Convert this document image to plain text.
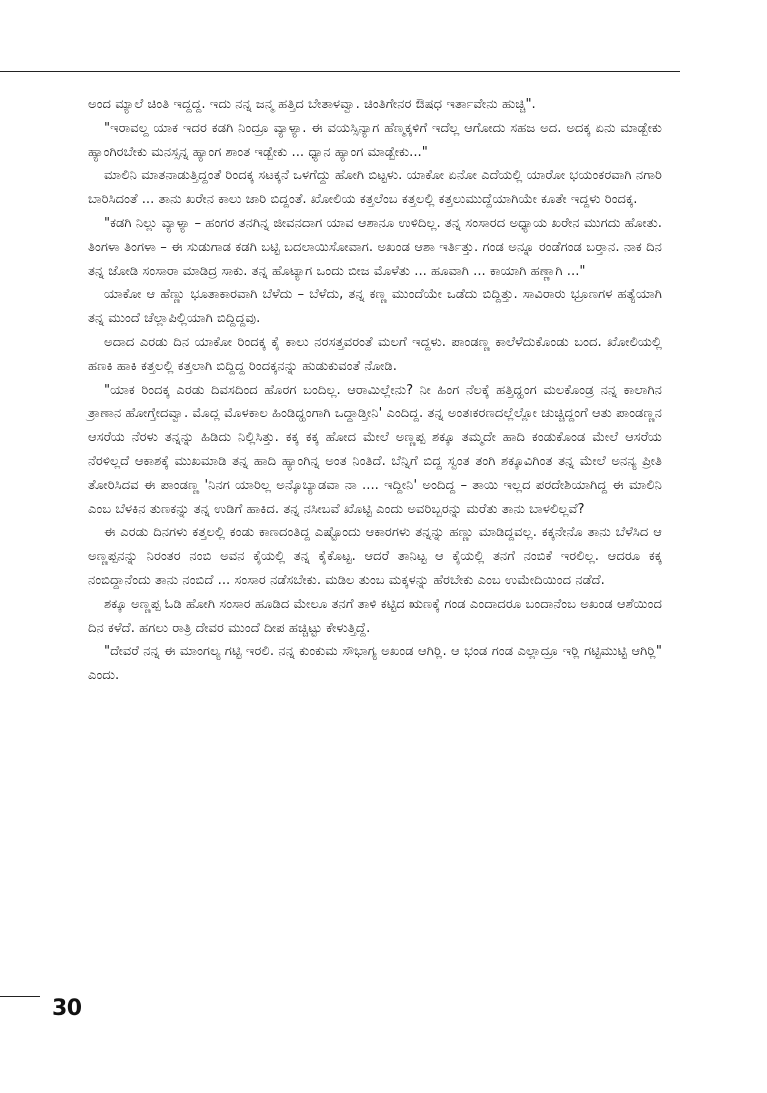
ಅಂದ ಮ್ಯಾಲೆ ಚಿಂತಿ ಇದ್ದದ್ದ. ಇದು ನನ್ನ ಜನ್ಮ ಹತ್ತಿದ ಬೇತಾಳವ್ವಾ. ಚಿಂತಿಗೇನರ ಔಷಧ ಇರ್ತಾವೇನು ಹುಚ್ಚಿ".

"ಇರಾವಲ್ದ ಯಾಕ ಇದರ ಕಡಗಿ ನಿಂದ್ರೂ ವ್ಯಾಳ್ಯಾ. ಈ ವಯಸ್ಸಿನ್ಯಾಗ ಹೆಣ್ಮಕ್ಕಳಿಗೆ ಇದೆಲ್ಲ ಆಗೋದು ಸಹಜ ಅದ. ಅದಕ್ಕ ಏನು ಮಾಡ್ಬೇಕು ಹ್ಯಾಂಗಿರಬೇಕು ಮನಸ್ಸನ್ನ ಹ್ಯಾಂಗ ಶಾಂತ ಇಡ್ಬೇಕು ... ಧ್ಯಾನ ಹ್ಯಾಂಗ ಮಾಡ್ಬೇಕು..."

ಮಾಲಿನಿ ಮಾತನಾಡುತ್ತಿದ್ದಂತೆ ರಿಂದಕ್ಕ ಸಟಕ್ಕನೆ ಒಳಗೆದ್ದು ಹೋಗಿ ಬಿಟ್ಟಳು. ಯಾಕೋ ಏನೋ ಎದೆಯಲ್ಲಿ ಯಾರೋ ಭಯಂಕರವಾಗಿ ನಗಾರಿ ಬಾರಿಸಿದಂತೆ ... ತಾನು ಖರೇನ ಕಾಲು ಜಾರಿ ಬಿದ್ದಂತೆ. ಖೋಲಿಯ ಕತ್ತಲೆಂಬ ಕತ್ತಲಲ್ಲಿ ಕತ್ತಲುಮುದ್ದೆಯಾಗಿಯೇ ಕೂತೇ ಇದ್ದಳು ರಿಂದಕ್ಕ.

"ಕಡಗಿ ನಿಲ್ಲು ವ್ಯಾಳ್ಯಾ – ಹಂಗರ ತನಗಿನ್ನ ಜೀವನದಾಗ ಯಾವ ಆಶಾನೂ ಉಳಿದಿಲ್ಲ. ತನ್ನ ಸಂಸಾರದ ಅಧ್ಯಾಯ ಖರೇನ ಮುಗದು ಹೋತು. ತಿಂಗಳಾ ತಿಂಗಳಾ – ಈ ಸುಡುಗಾಡ ಕಡಗಿ ಬಟ್ಟಿ ಬದಲಾಯಿಸೋವಾಗ. ಅಖಂಡ ಆಶಾ ಇರ್ತಿತ್ತು. ಗಂಡ ಅನ್ನೂ ರಂಡೆಗಂಡ ಬರ್‍ತಾನ. ನಾಕ ದಿನ ತನ್ನ ಜೋಡಿ ಸಂಸಾರಾ ಮಾಡಿದ್ರ ಸಾಕು. ತನ್ನ ಹೊಟ್ಯಾಗ ಒಂದು ಬೀಜ ಮೊಳೆತು ... ಹೂವಾಗಿ ... ಕಾಯಾಗಿ ಹಣ್ಣಾಗಿ ..."

ಯಾಕೋ ಆ ಹೆಣ್ಣು ಭೂತಾಕಾರವಾಗಿ ಬೆಳೆದು – ಬೆಳೆದು, ತನ್ನ ಕಣ್ಣ ಮುಂದೆಯೇ ಒಡೆದು ಬಿದ್ದಿತ್ತು. ಸಾವಿರಾರು ಭ್ರೂಣಗಳ ಹತ್ಯೆಯಾಗಿ ತನ್ನ ಮುಂದೆ ಚೆಲ್ಲಾಪಿಲ್ಲಿಯಾಗಿ ಬಿದ್ದಿದ್ದವು.

ಅದಾದ ಎರಡು ದಿನ ಯಾಕೋ ರಿಂದಕ್ಕ ಕೈ ಕಾಲು ನರಸತ್ತವರಂತೆ ಮಲಗೆ ಇದ್ದಳು. ಪಾಂಡಣ್ಣ ಕಾಲೆಳೆದುಕೊಂಡು ಬಂದ. ಖೋಲಿಯಲ್ಲಿ ಹಣಕಿ ಹಾಕಿ ಕತ್ತಲಲ್ಲಿ ಕತ್ತಲಾಗಿ ಬಿದ್ದಿದ್ದ ರಿಂದಕ್ಕನನ್ನು ಹುಡುಕುವಂತೆ ನೋಡಿ.

"ಯಾಕ ರಿಂದಕ್ಕ ಎರಡು ದಿವಸದಿಂದ ಹೊರಗ ಬಂದಿಲ್ಲ. ಆರಾಮಿಲ್ಲೇನು? ನೀ ಹಿಂಗ ನೆಲಕ್ಕೆ ಹತ್ತಿದ್ಹಂಗ ಮಲಕೊಂಡ್ರ ನನ್ನ ಕಾಲಾಗಿನ ತ್ರಾಣಾನ ಹೋಗ್ತೇದವ್ವಾ. ಮೊದ್ಲ ಮೊಳಕಾಲ ಹಿಂಡಿದ್ಹಂಗಾಗಿ ಒದ್ದಾಡ್ತೀನಿ' ಎಂದಿದ್ದ. ತನ್ನ ಅಂತಃಕರಣದಲ್ಲೆಲ್ಲೋ ಚುಚ್ಚಿದ್ದಂಗೆ ಆತು ಪಾಂಡಣ್ಣನ ಆಸರೆಯ ನೆರಳು ತನ್ನನ್ನು ಹಿಡಿದು ನಿಲ್ಲಿಸಿತ್ತು. ಕಕ್ಕ ಕಕ್ಕ ಹೋದ ಮೇಲೆ ಅಣ್ಣಪ್ಪ ಶಕ್ಕೂ ತಮ್ಮದೇ ಹಾದಿ ಕಂಡುಕೊಂಡ ಮೇಲೆ ಆಸರೆಯ ನೆರಳಿಲ್ಲದೆ ಆಕಾಶಕ್ಕೆ ಮುಖಮಾಡಿ ತನ್ನ ಹಾದಿ ಹ್ಯಾಂಗಿನ್ನ ಅಂತ ನಿಂತಿದೆ. ಬೆನ್ನಿಗೆ ಬಿದ್ದ ಸ್ವಂತ ತಂಗಿ ಶಕ್ಕೂವಿಗಿಂತ ತನ್ನ ಮೇಲೆ ಅನನ್ಯ ಪ್ರೀತಿ ತೋರಿಸಿದವ ಈ ಪಾಂಡಣ್ಣ 'ನಿನಗ ಯಾರಿಲ್ಲ ಅನ್ಕೊಬ್ಯಾಡವಾ ನಾ .... ಇದ್ದೀನಿ' ಅಂದಿದ್ದ – ತಾಯಿ ಇಲ್ಲದ ಪರದೇಶಿಯಾಗಿದ್ದ ಈ ಮಾಲಿನಿ ಎಂಬ ಬೆಳಕಿನ ತುಣಕನ್ನು ತನ್ನ ಉಡಿಗೆ ಹಾಕಿದ. ತನ್ನ ನಸೀಬವೆ ಖೊಟ್ಟಿ ಎಂದು ಅವರಿಬ್ಬರನ್ನು ಮರೆತು ತಾನು ಬಾಳಲಿಲ್ಲವೆ?

ಈ ಎರಡು ದಿನಗಳು ಕತ್ತಲಲ್ಲಿ ಕಂಡು ಕಾಣದಂತಿದ್ದ ಎಷ್ಟೊಂದು ಆಕಾರಗಳು ತನ್ನನ್ನು ಹಣ್ಣು ಮಾಡಿದ್ದವಲ್ಲ. ಕಕ್ಕನೇನೊ ತಾನು ಬೆಳೆಸಿದ ಆ ಅಣ್ಣಪ್ಪನನ್ನು ನಿರಂತರ ನಂಬಿ ಅವನ ಕೈಯಲ್ಲಿ ತನ್ನ ಕೈಕೊಟ್ಟ. ಆದರೆ ತಾನಿಟ್ಟ ಆ ಕೈಯಲ್ಲಿ ತನಗೆ ನಂಬಿಕೆ ಇರಲಿಲ್ಲ. ಆದರೂ ಕಕ್ಕ ನಂಬಿದ್ದಾನೆಂದು ತಾನು ನಂಬಿದೆ ... ಸಂಸಾರ ನಡೆಸಬೇಕು. ಮಡಿಲ ತುಂಬ ಮಕ್ಕಳನ್ನು ಹೆರಬೇಕು ಎಂಬ ಉಮೇದಿಯಿಂದ ನಡೆದೆ.

ಶಕ್ಕೂ ಅಣ್ಣಪ್ಪ ಓಡಿ ಹೋಗಿ ಸಂಸಾರ ಹೂಡಿದ ಮೇಲೂ ತನಗೆ ತಾಳಿ ಕಟ್ಟಿದ ಋಣಕ್ಕೆ ಗಂಡ ಎಂದಾದರೂ ಬಂದಾನೆಂಬ ಅಖಂಡ ಆಶೆಯಿಂದ ದಿನ ಕಳೆದೆ. ಹಗಲು ರಾತ್ರಿ ದೇವರ ಮುಂದೆ ದೀಪ ಹಚ್ಚಿಟ್ಟು ಕೇಳುತ್ತಿದ್ದೆ.

"ದೇವರೆ ನನ್ನ ಈ ಮಾಂಗಲ್ಯ ಗಟ್ಟಿ ಇರಲಿ. ನನ್ನ ಕುಂಕುಮ ಸೌಭಾಗ್ಯ ಅಖಂಡ ಆಗಿರ್‍ಲಿ. ಆ ಭಂಡ ಗಂಡ ಎಲ್ಲಾದ್ರೂ ಇರ್‍ಲಿ ಗಟ್ಟಿಮುಟ್ಟಿ ಆಗಿರ್‍ಲಿ" ಎಂದು.

30
